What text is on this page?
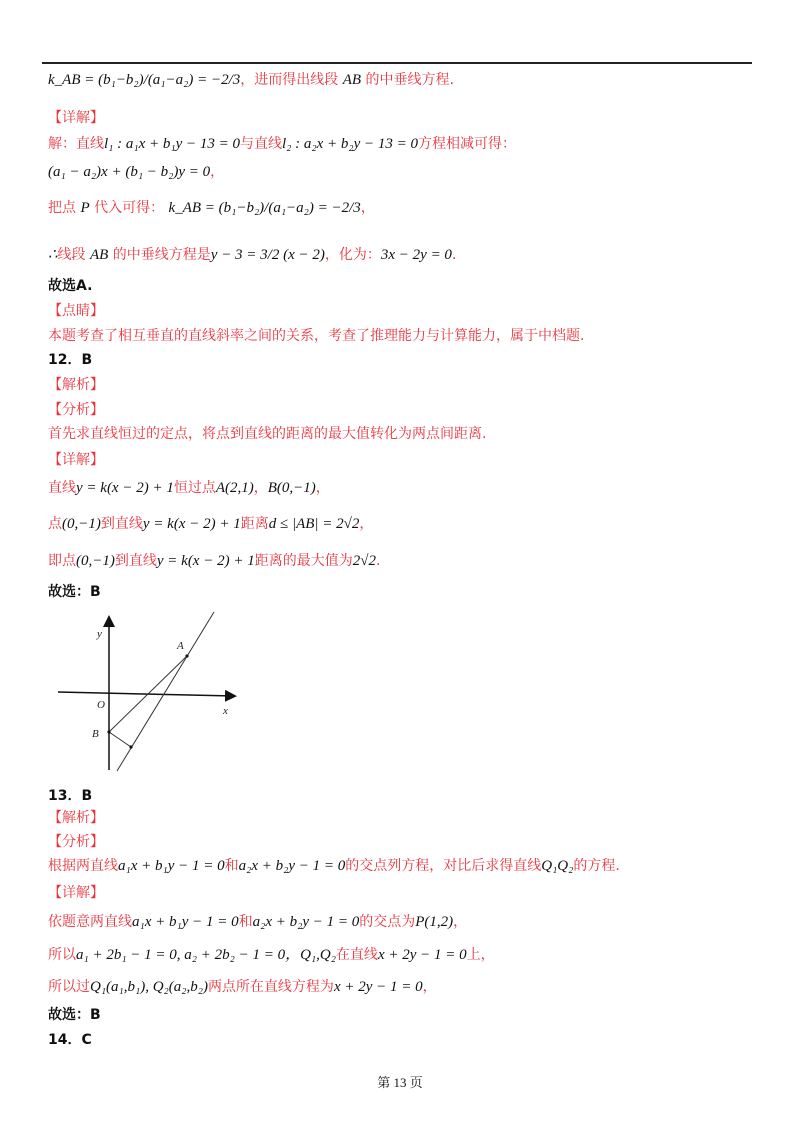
k_AB = (b₁−b₂)/(a₁−a₂) = −2/3，进而得出线段 AB 的中垂线方程.
【详解】
解：直线l₁ : a₁x + b₁y − 13 = 0与直线l₂ : a₂x + b₂y − 13 = 0方程相减可得：
(a₁ − a₂)x + (b₁ − b₂)y = 0，
把点 P 代入可得： k_AB = (b₁−b₂)/(a₁−a₂) = −2/3，
∴线段 AB 的中垂线方程是y − 3 = 3/2 (x − 2)，化为：3x − 2y = 0.
故选A.
【点睛】
本题考查了相互垂直的直线斜率之间的关系，考查了推理能力与计算能力，属于中档题.
12．B
【解析】
【分析】
首先求直线恒过的定点，将点到直线的距离的最大值转化为两点间距离.
【详解】
直线y = k(x − 2) + 1恒过点A(2,1)，B(0,−1)，
点(0,−1)到直线y = k(x − 2) + 1距离d ≤ |AB| = 2√2，
即点(0,−1)到直线y = k(x − 2) + 1距离的最大值为2√2.
故选：B
13．B
【解析】
【分析】
根据两直线a₁x + b₁y − 1 = 0和a₂x + b₂y − 1 = 0的交点列方程，对比后求得直线Q₁Q₂的方程.
【详解】
依题意两直线a₁x + b₁y − 1 = 0和a₂x + b₂y − 1 = 0的交点为P(1,2)，
所以a₁ + 2b₁ − 1 = 0, a₂ + 2b₂ − 1 = 0，Q₁,Q₂在直线x + 2y − 1 = 0上，
所以过Q₁(a₁,b₁), Q₂(a₂,b₂)两点所在直线方程为x + 2y − 1 = 0，
故选：B
14．C
y
A
O	x
B
第 13 页
